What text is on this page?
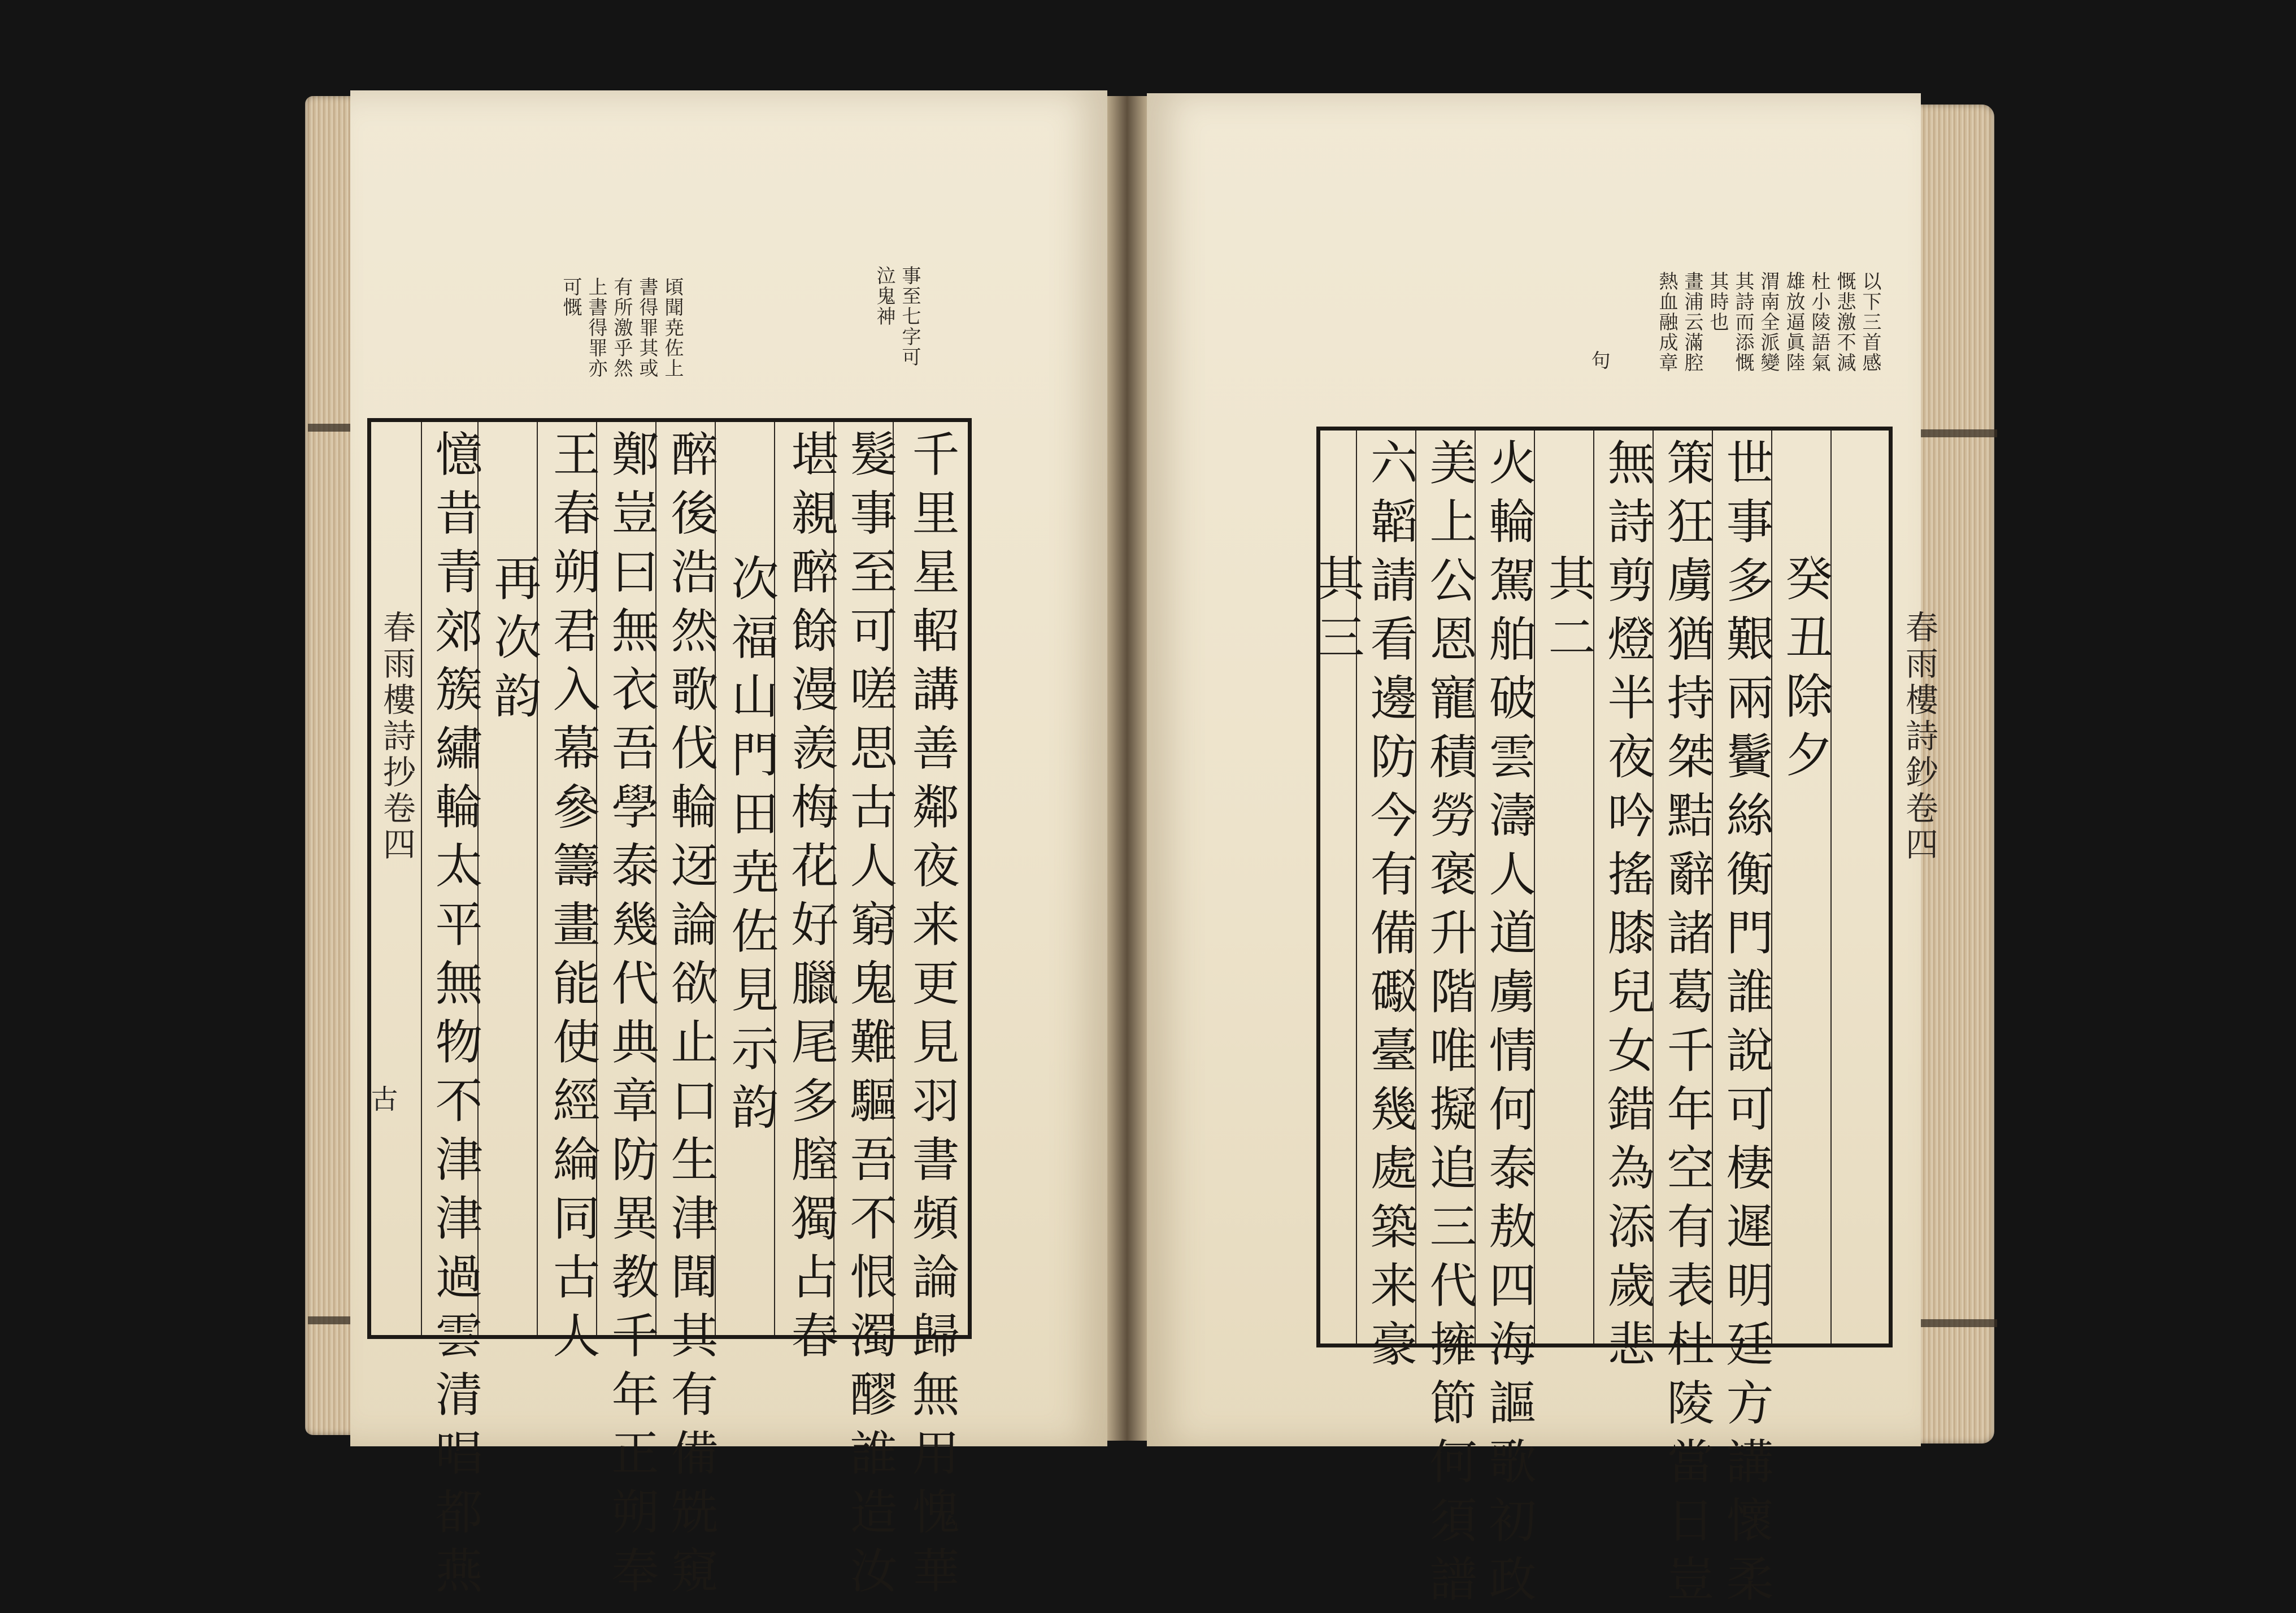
事至七字可
泣鬼神
頃聞尭佐上
書得罪其或
有所激乎然
上書得罪亦
可慨
千里星軺講善鄰夜来更見羽書頻論歸無用愧華
髮事至可嗟思古人窮鬼難驅吾不恨濁醪誰造汝
堪親醉餘漫羨梅花好臘尾多膣獨占春
次福山門田尭佐見示韵
醉後浩然歌伐輪迓論欲止口生津聞其有備兟窺
鄭豈曰無衣吾學泰幾代典章防異教千年正朔奉
王春朔君入幕參籌畫能使經綸同古人
再次韵
憶昔青郊簇繡輪太平無物不津津過雲清唱都燕
春雨樓詩抄卷四
古
以下三首感
慨悲激不減
杜小陵語氣
雄放逼眞陸
渭南全派變
其詩而添慨
其時也
畫浦云滿腔
熱血融成章
句
癸丑除夕
世事多艱兩鬢絲衡門誰說可棲遲明廷方講懷柔
策狂虜猶持桀黠辭諸葛千年空有表杜陵當日豈
無詩剪燈半夜吟搖膝兒女錯為添歲悲
其二
火輪駕舶破雲濤人道虜情何泰敖四海謳歌初政
美上公恩寵積勞褒升階唯擬追三代擁節何須譜
六韜請看邊防今有備礟臺幾處築来豪
其三	春雨樓詩鈔卷四
